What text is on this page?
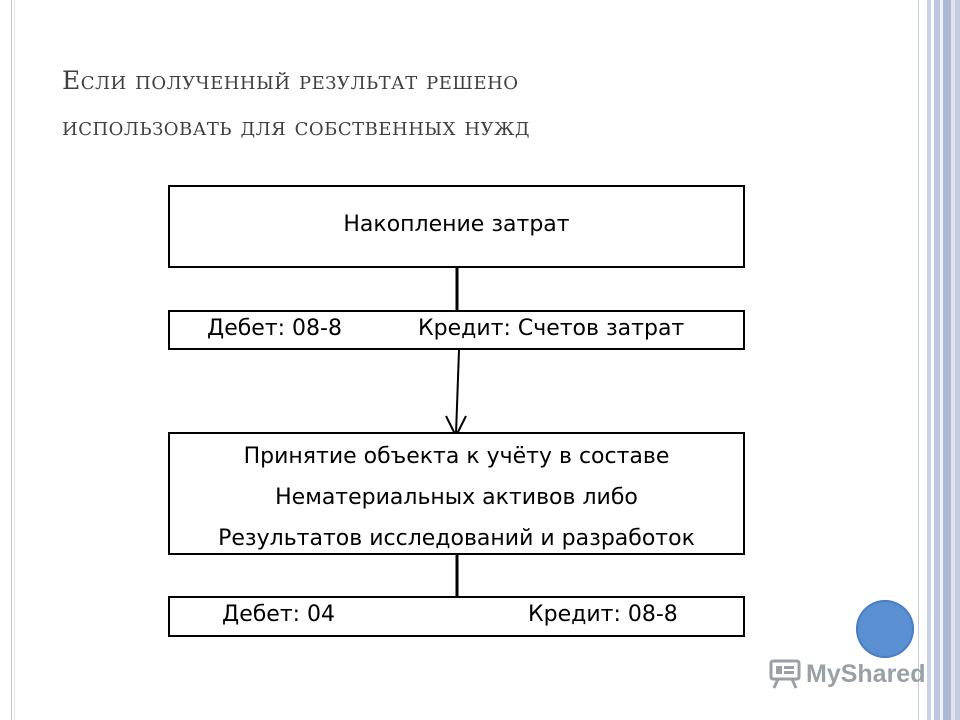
Если полученный результат решено
использовать для собственных нужд
Накопление затрат
Дебет: 08-8	Кредит: Счетов затрат
Принятие объекта к учёту в составе
Нематериальных активов либо
Результатов исследований и разработок
Дебет: 04	Кредит: 08-8
MyShared
